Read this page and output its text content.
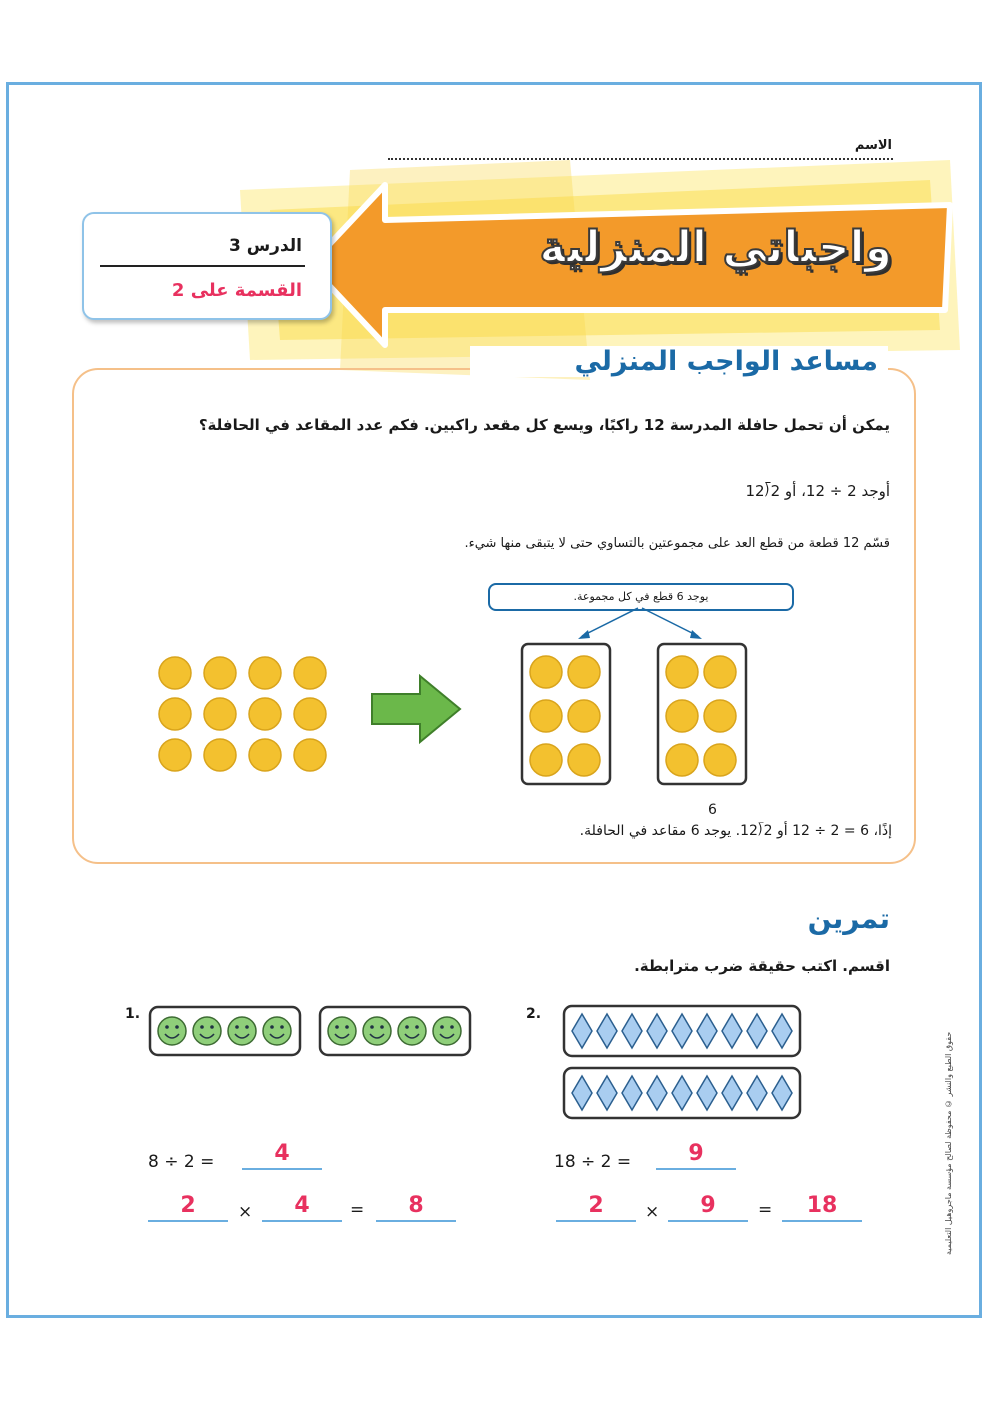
الاسم
واجباتي المنزلية
الدرس 3
القسمة على 2
مساعد الواجب المنزلي
يمكن أن تحمل حافلة المدرسة 12 راكبًا، ويسع كل مقعد راكبين. فكم عدد المقاعد في الحافلة؟
أوجد 2 ÷ 12، أو 2⟌12
قسّم 12 قطعة من قطع العد على مجموعتين بالتساوي حتى لا يتبقى منها شيء.
يوجد 6 قطع في كل مجموعة.
6
إذًا، 6 = 2 ÷ 12 أو 2⟌12. يوجد 6 مقاعد في الحافلة.
تمرين
اقسم. اكتب حقيقة ضرب مترابطة.
1.
8 ÷ 2 =	4
2	×	4	=	8
2.
18 ÷ 2 =	9
2	×	9	=	18	حقوق الطبع والنشر © محفوظة لصالح مؤسسة ماجروهيل التعليمية
